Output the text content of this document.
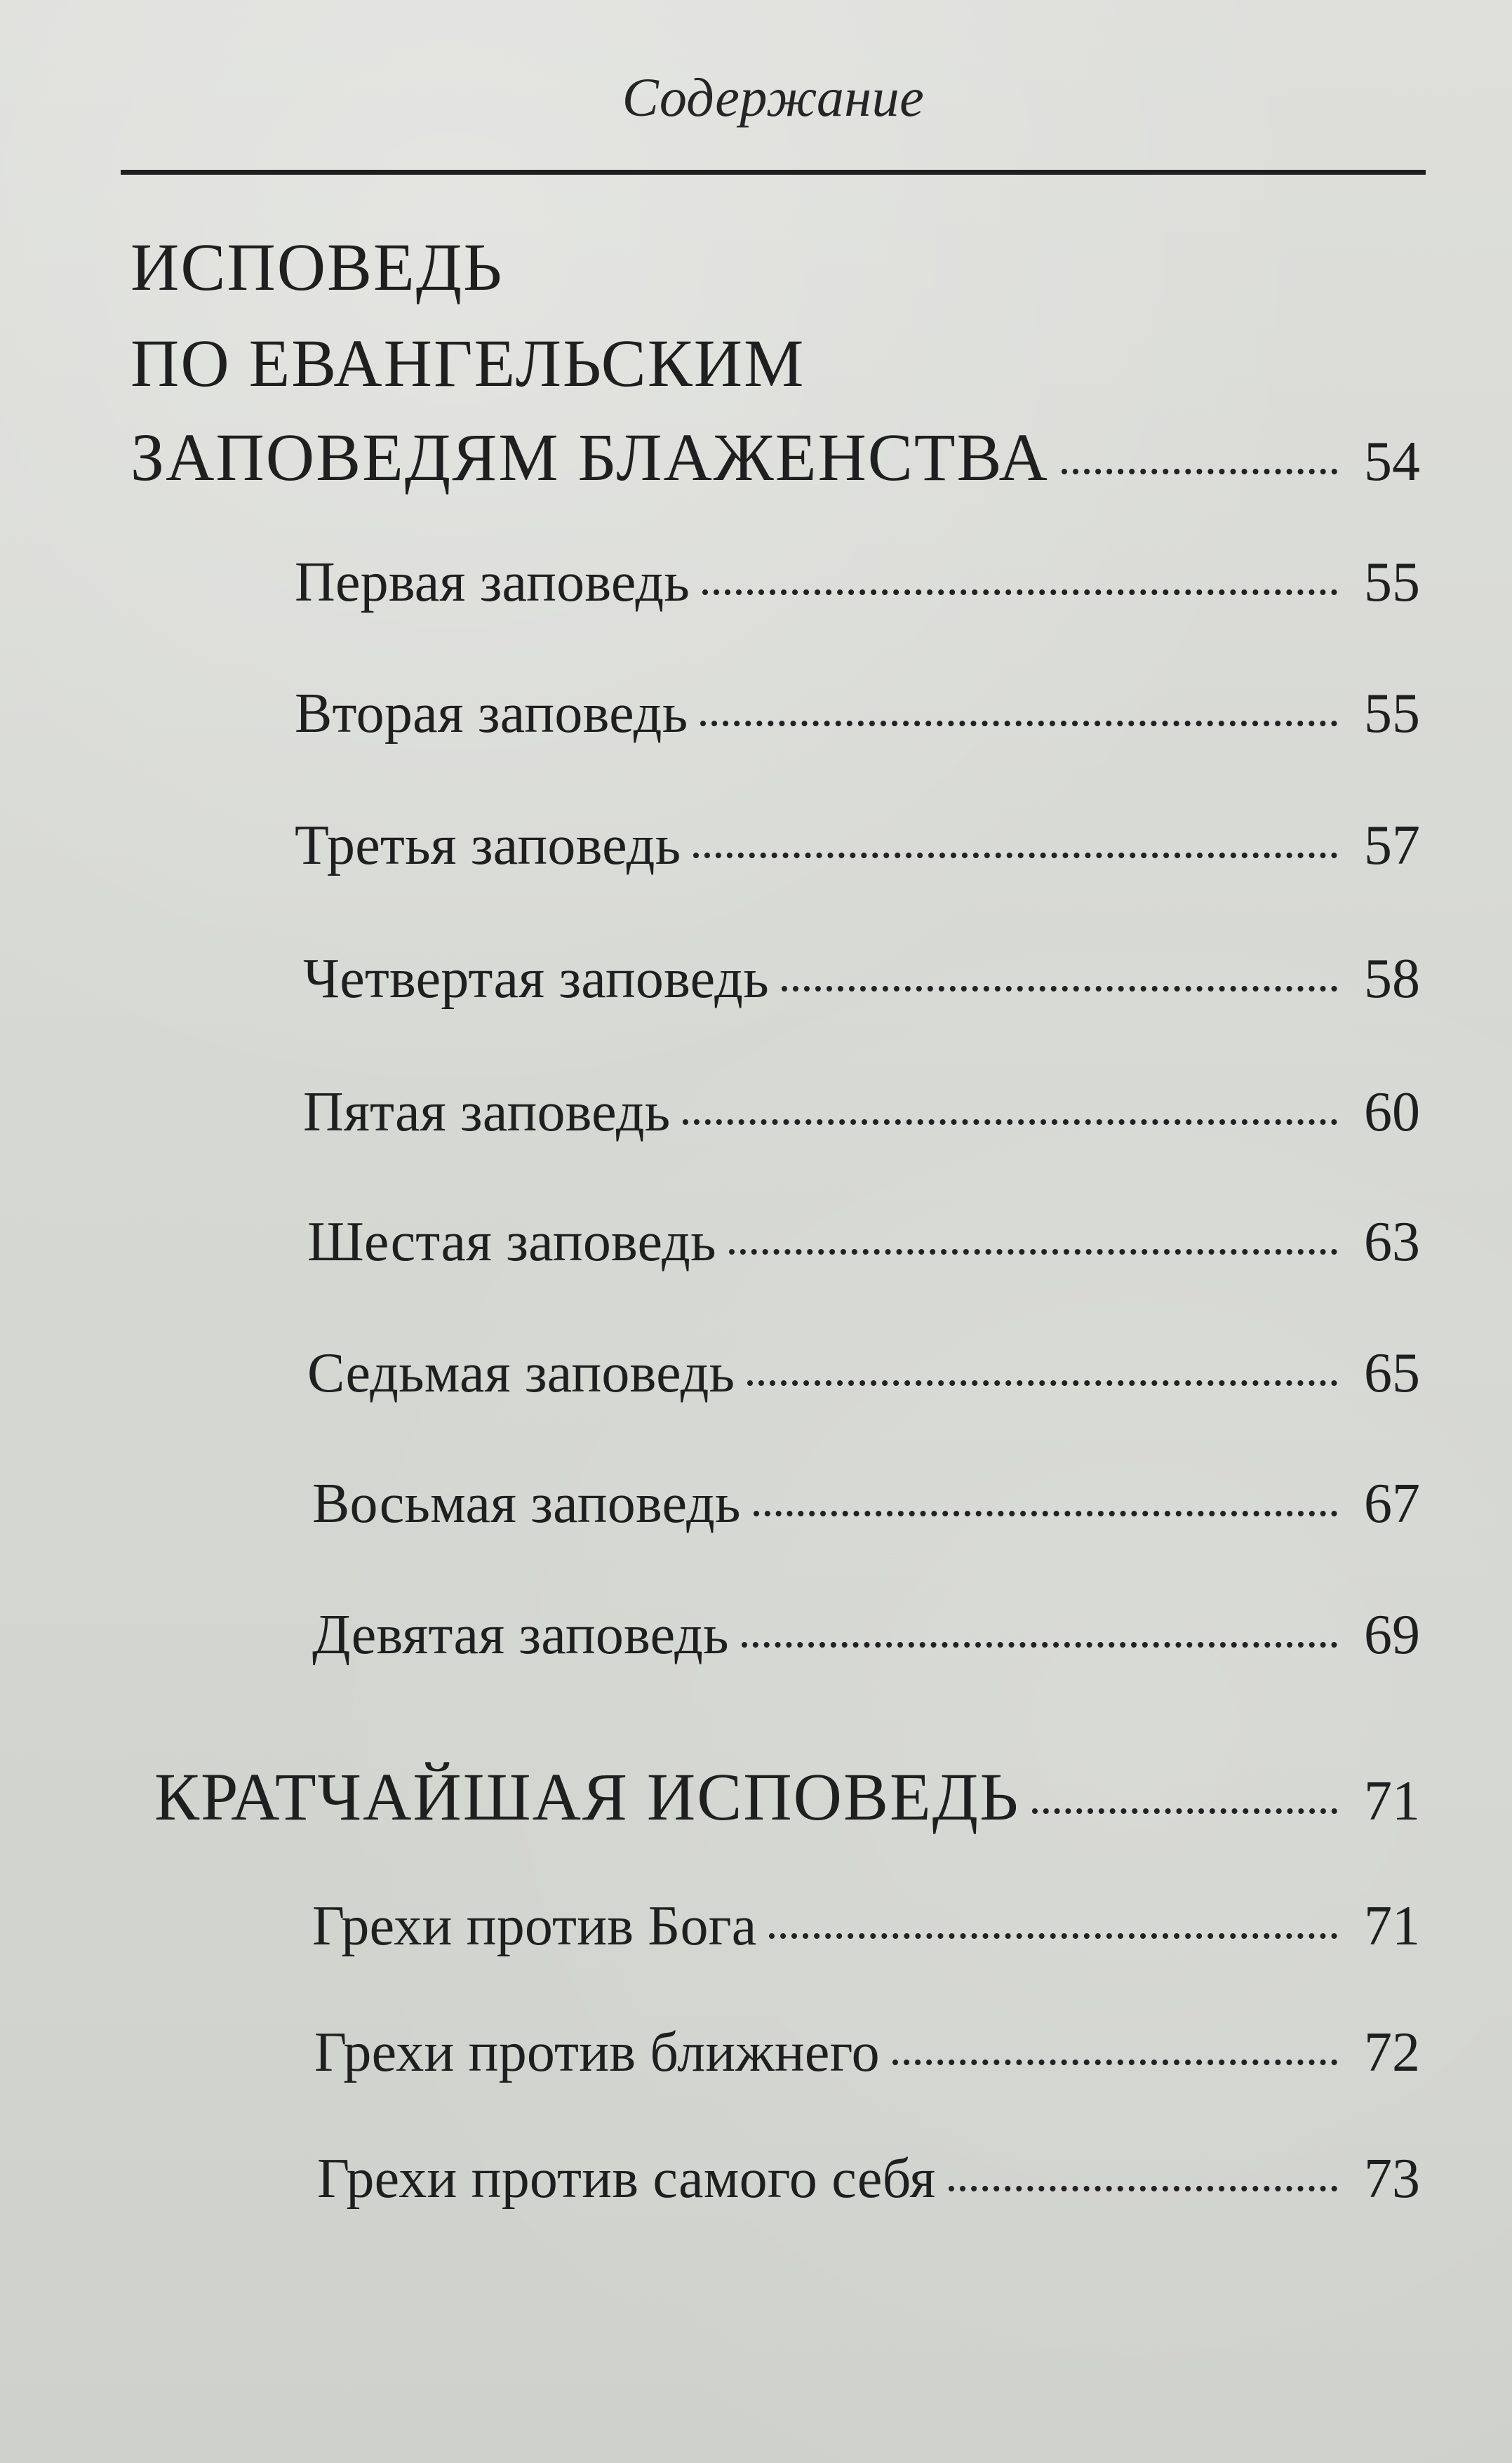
Содержание
ИСПОВЕДЬ
ПО ЕВАНГЕЛЬСКИМ
ЗАПОВЕДЯМ БЛАЖЕНСТВА	54
Первая заповедь	55
Вторая заповедь	55
Третья заповедь	57
Четвертая заповедь	58
Пятая заповедь	60
Шестая заповедь	63
Седьмая заповедь	65
Восьмая заповедь	67
Девятая заповедь	69
КРАТЧАЙШАЯ ИСПОВЕДЬ	71
Грехи против Бога	71
Грехи против ближнего	72
Грехи против самого себя	73
